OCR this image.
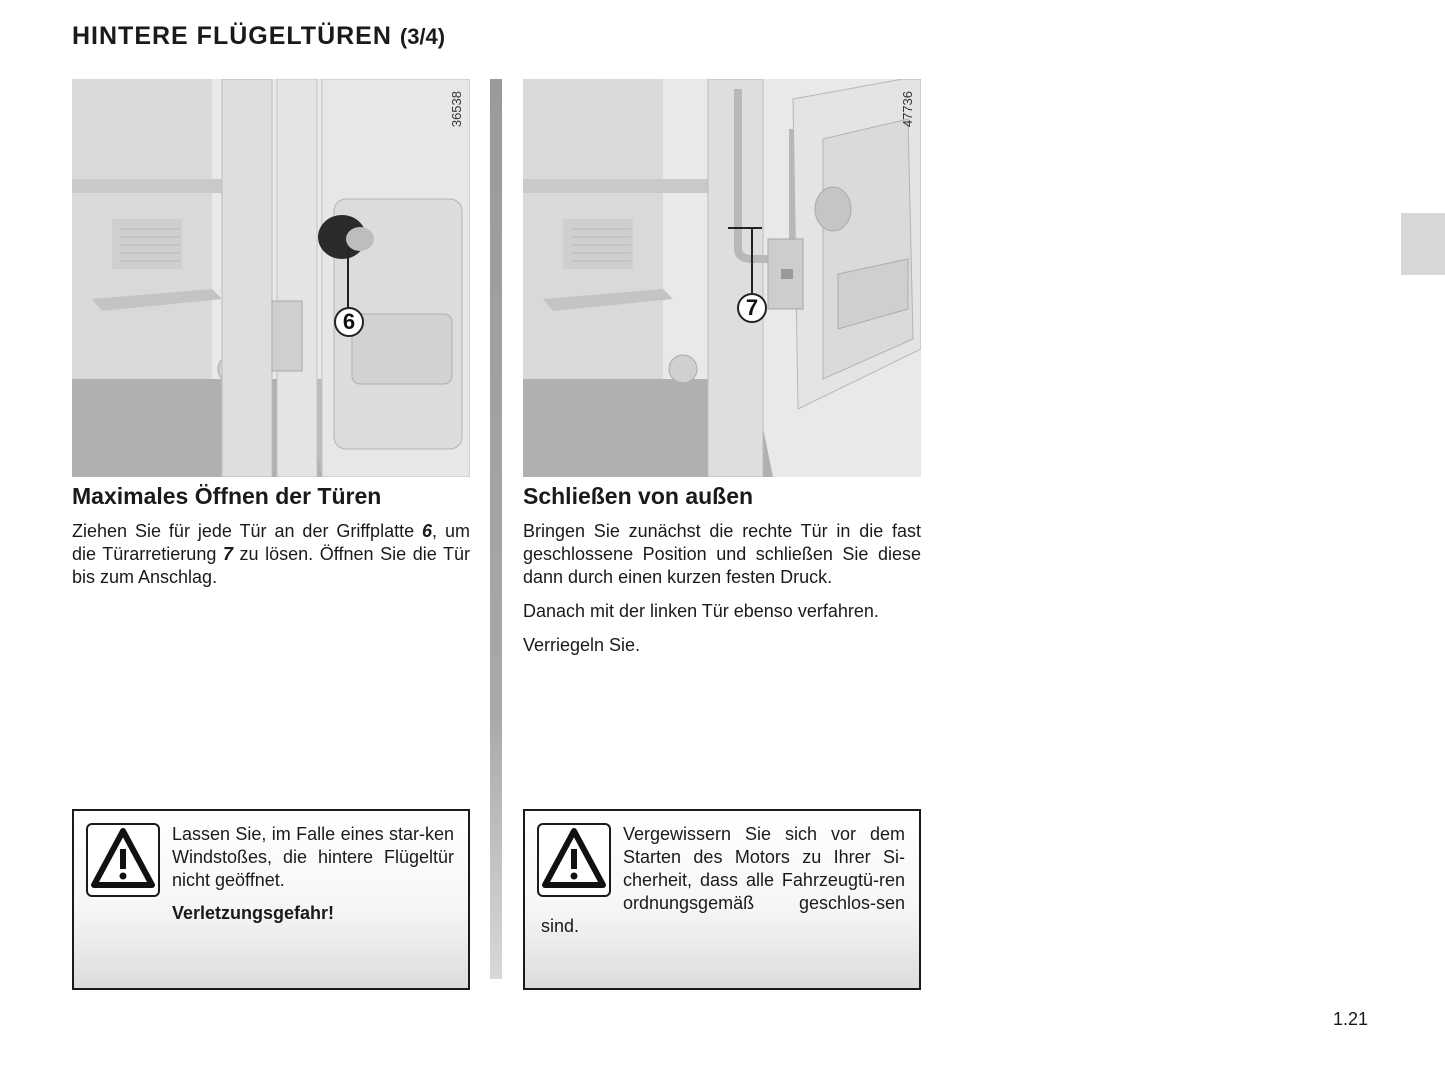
HINTERE FLÜGELTÜREN (3/4)
36538
6
Maximales Öffnen der Türen

Ziehen Sie für jede Tür an der Griffplatte 6, um die Türarretierung 7 zu lösen. Öffnen Sie die Tür bis zum Anschlag.

47736
7
Schließen von außen

Bringen Sie zunächst die rechte Tür in die fast geschlossene Position und schließen Sie diese dann durch einen kurzen festen Druck.

Danach mit der linken Tür ebenso verfahren.

Verriegeln Sie.

Lassen Sie, im Falle eines star-ken Windstoßes, die hintere Flügeltür nicht geöffnet.
Verletzungsgefahr!
Vergewissern Sie sich vor dem Starten des Motors zu Ihrer Si-cherheit, dass alle Fahrzeugtü-ren ordnungsgemäß geschlos-sen sind.
1.21
